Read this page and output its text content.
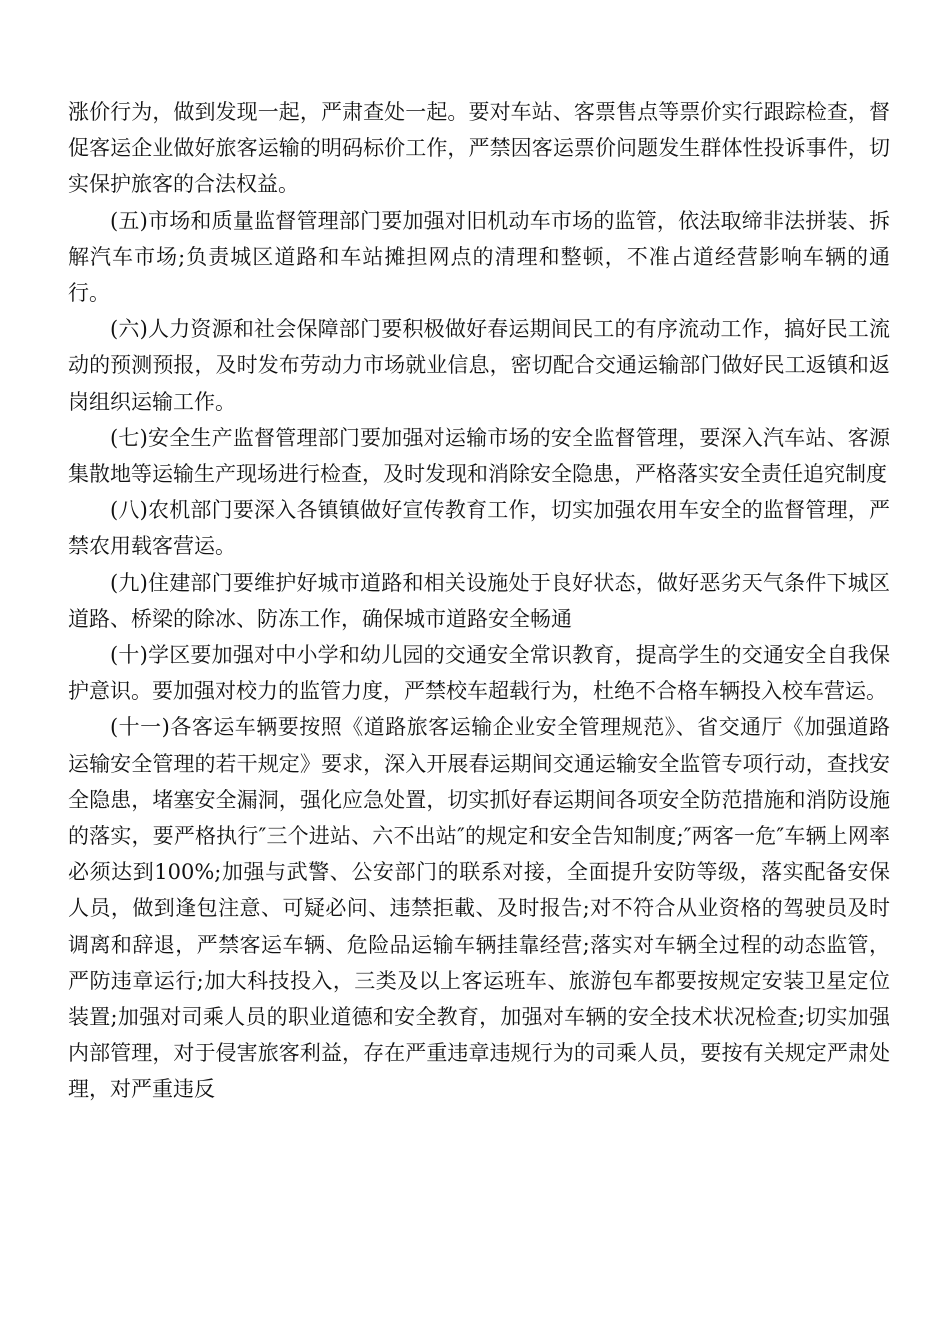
涨价行为，做到发现一起，严肃查处一起。要对车站、客票售点等票价实行跟踪检查，督促客运企业做好旅客运输的明码标价工作，严禁因客运票价问题发生群体性投诉事件，切实保护旅客的合法权益。

(五)市场和质量监督管理部门要加强对旧机动车市场的监管，依法取缔非法拼装、拆解汽车市场;负责城区道路和车站摊担网点的清理和整顿，不准占道经营影响车辆的通行。

(六)人力资源和社会保障部门要积极做好春运期间民工的有序流动工作，搞好民工流动的预测预报，及时发布劳动力市场就业信息，密切配合交通运输部门做好民工返镇和返岗组织运输工作。

(七)安全生产监督管理部门要加强对运输市场的安全监督管理，要深入汽车站、客源集散地等运输生产现场进行检查，及时发现和消除安全隐患，严格落实安全责任追究制度

(八)农机部门要深入各镇镇做好宣传教育工作，切实加强农用车安全的监督管理，严禁农用载客营运。

(九)住建部门要维护好城市道路和相关设施处于良好状态，做好恶劣天气条件下城区道路、桥梁的除冰、防冻工作，确保城市道路安全畅通

(十)学区要加强对中小学和幼儿园的交通安全常识教育，提高学生的交通安全自我保护意识。要加强对校力的监管力度，严禁校车超载行为，杜绝不合格车辆投入校车营运。

(十一)各客运车辆要按照《道路旅客运输企业安全管理规范》、省交通厅《加强道路运输安全管理的若干规定》要求，深入开展春运期间交通运输安全监管专项行动，查找安全隐患，堵塞安全漏洞，强化应急处置，切实抓好春运期间各项安全防范措施和消防设施的落实，要严格执行″三个进站、六不出站″的规定和安全告知制度;″两客一危″车辆上网率必须达到100%;加强与武警、公安部门的联系对接，全面提升安防等级，落实配备安保人员，做到逢包注意、可疑必问、违禁拒載、及时报告;对不符合从业资格的驾驶员及时调离和辞退，严禁客运车辆、危险品运输车辆挂靠经营;落实对车辆全过程的动态监管，严防违章运行;加大科技投入，三类及以上客运班车、旅游包车都要按规定安装卫星定位装置;加强对司乘人员的职业道德和安全教育，加强对车辆的安全技术状况检查;切实加强内部管理，对于侵害旅客利益，存在严重违章违规行为的司乘人员，要按有关规定严肃处理，对严重违反
